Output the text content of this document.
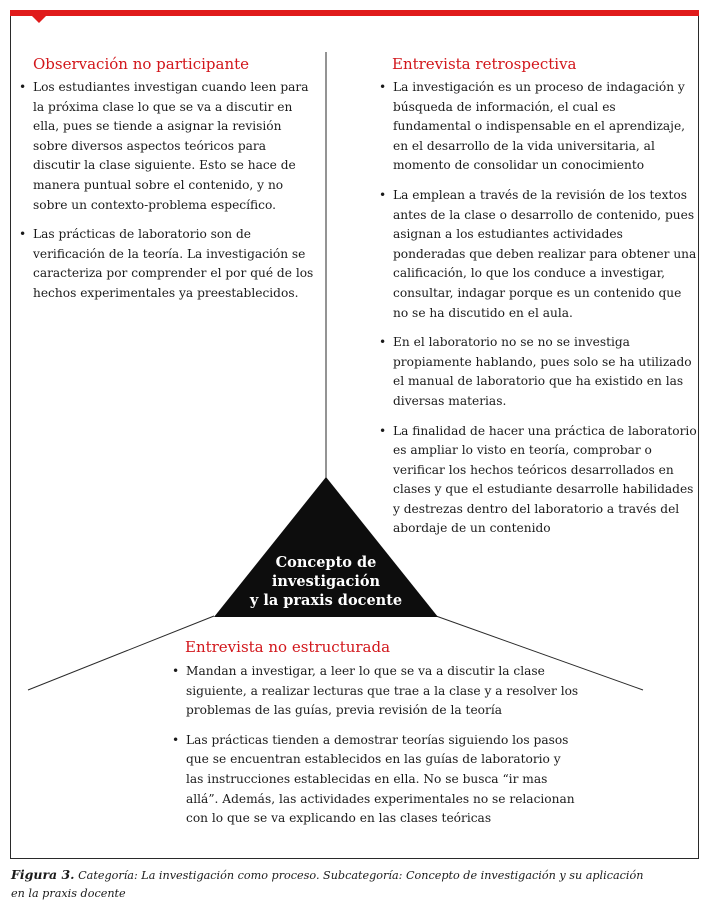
Observación no participante
• Los estudiantes investigan cuando leen para la próxima clase lo que se va a discutir en ella, pues se tiende a asignar la revisión sobre diversos aspectos teóricos para discutir la clase siguiente. Esto se hace de manera puntual sobre el contenido, y no sobre un contexto-problema específico.
• Las prácticas de laboratorio son de verificación de la teoría. La investigación se caracteriza por comprender el por qué de los hechos experimentales ya preestablecidos.
Entrevista retrospectiva
• La investigación es un proceso de indagación y búsqueda de información, el cual es fundamental o indispensable en el aprendizaje, en el desarrollo de la vida universitaria, al momento de consolidar un conocimiento
• La emplean a través de la revisión de los textos antes de la clase o desarrollo de contenido, pues asignan a los estudiantes actividades ponderadas que deben realizar para obtener una calificación, lo que los conduce a investigar, consultar, indagar porque es un contenido que no se ha discutido en el aula.
• En el laboratorio no se no se investiga propiamente hablando, pues solo se ha utilizado el manual de laboratorio que ha existido en las diversas materias.
• La finalidad de hacer una práctica de laboratorio es ampliar lo visto en teoría, comprobar o verificar los hechos teóricos desarrollados en clases y que el estudiante desarrolle habilidades y destrezas dentro del laboratorio a través del abordaje de un contenido
Concepto de
investigación
y la praxis docente
Entrevista no estructurada
• Mandan a investigar, a leer lo que se va a discutir la clase siguiente, a realizar lecturas que trae a la clase y a resolver los problemas de las guías, previa revisión de la teoría
• Las prácticas tienden a demostrar teorías siguiendo los pasos que se encuentran establecidos en las guías de laboratorio y las instrucciones establecidas en ella. No se busca “ir mas allá”. Además, las actividades experimentales no se relacionan con lo que se va explicando en las clases teóricas

Figura 3. Categoría: La investigación como proceso. Subcategoría: Concepto de investigación y su aplicación en la praxis docente
